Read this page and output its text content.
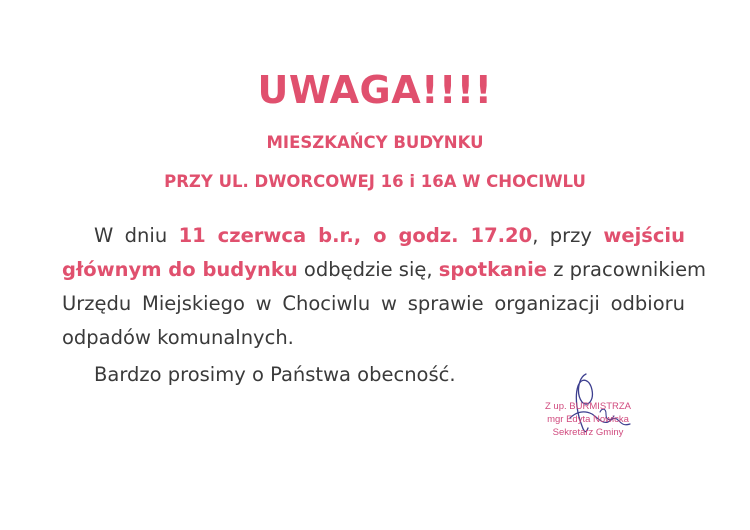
UWAGA!!!!
MIESZKAŃCY BUDYNKU
PRZY UL. DWORCOWEJ 16 i 16A W CHOCIWLU
W dniu 11 czerwca b.r., o godz. 17.20, przy wejściu
głównym do budynku odbędzie się, spotkanie z pracownikiem
Urzędu Miejskiego w Chociwlu w sprawie organizacji odbioru
odpadów komunalnych.
Bardzo prosimy o Państwa obecność.
Z up. BURMISTRZA
mgr Edyta Nowicka
Sekretarz Gminy
